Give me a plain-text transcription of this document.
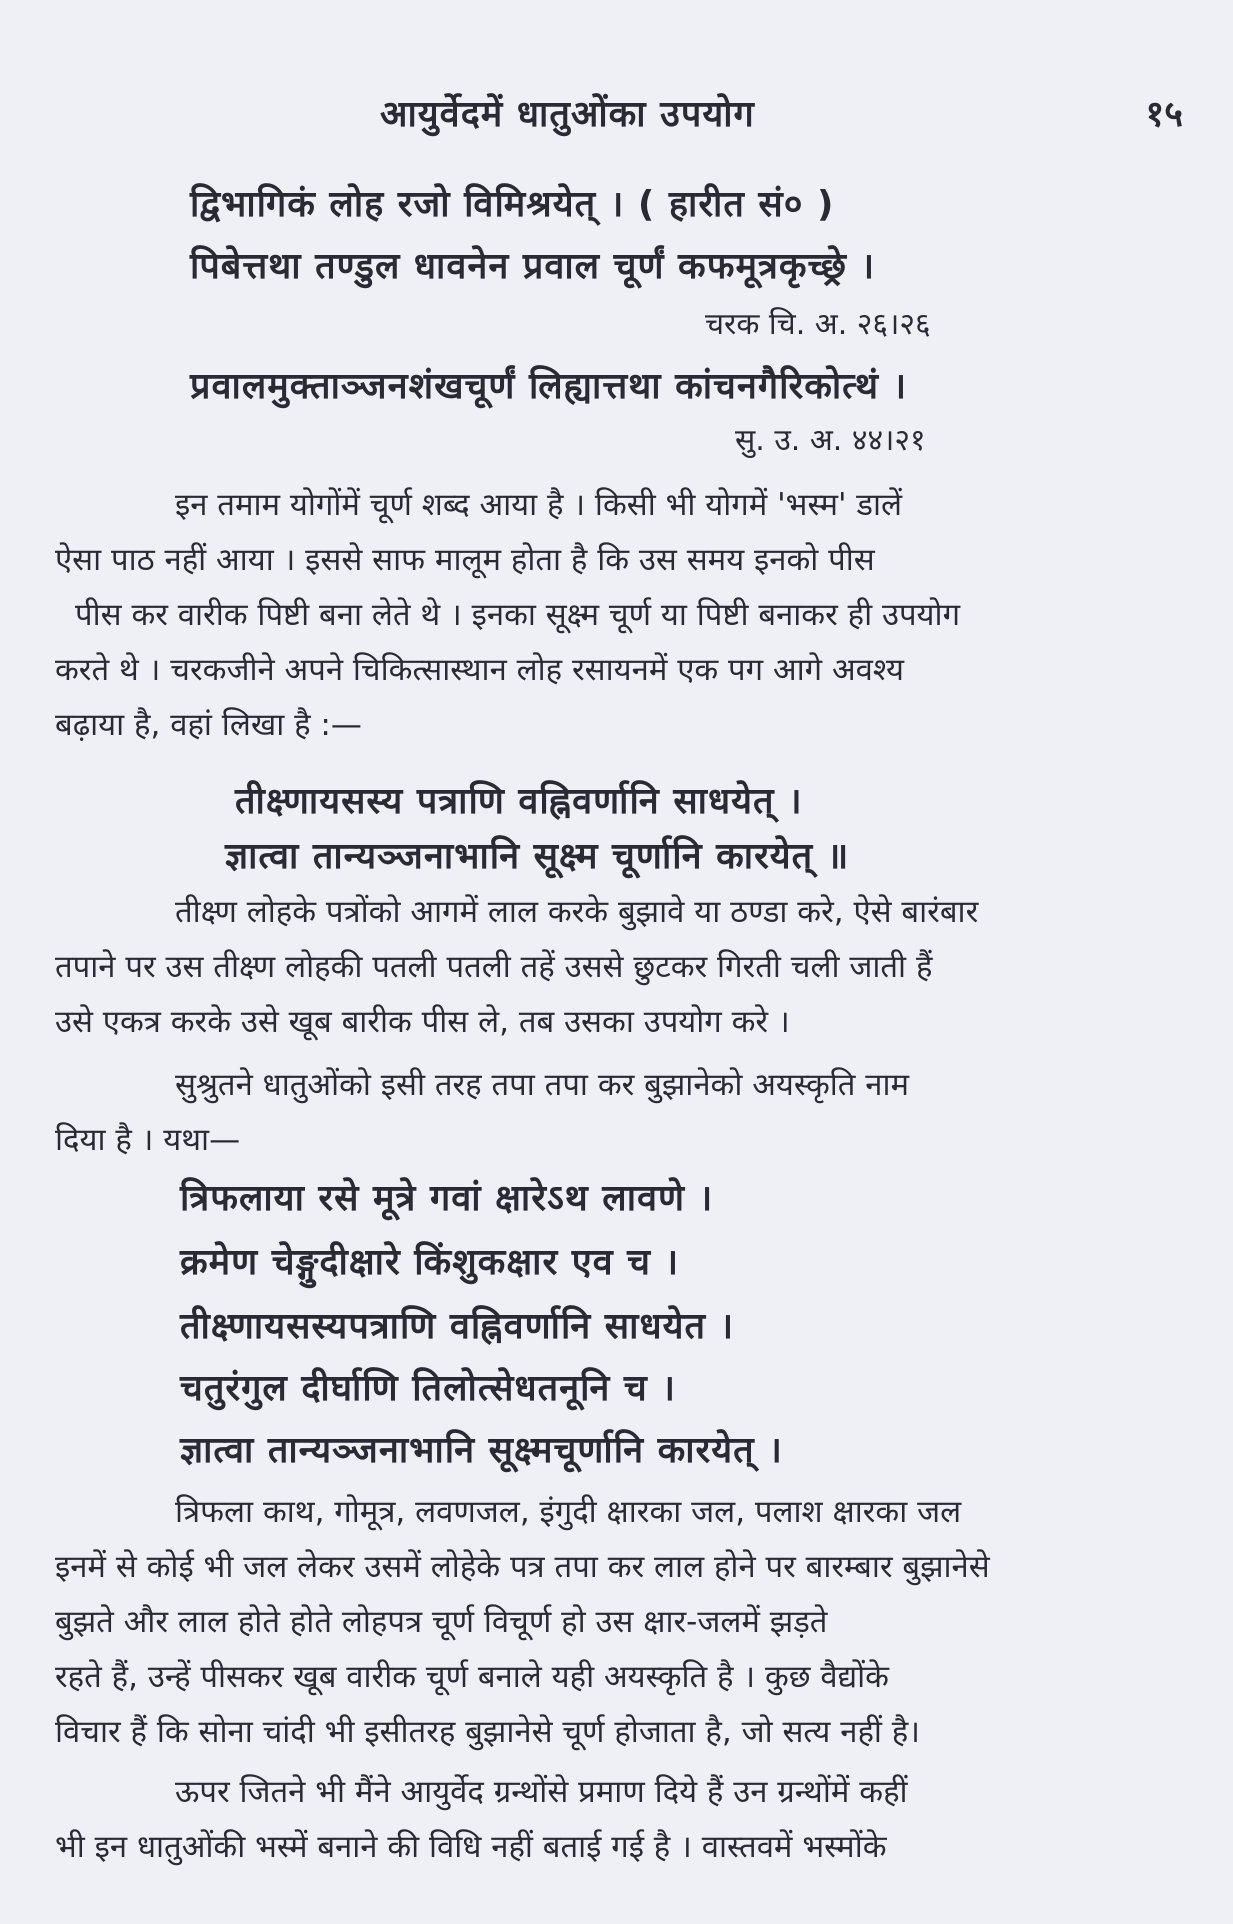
आयुर्वेदमें धातुओंका उपयोग	१५
द्विभागिकं लोह रजो विमिश्रयेत् । ( हारीत सं० )
पिबेत्तथा तण्डुल धावनेन प्रवाल चूर्णं कफमूत्रकृच्छ्रे ।
चरक चि. अ. २६।२६
प्रवालमुक्ताञ्जनशंखचूर्णं लिह्यात्तथा कांचनगैरिकोत्थं ।
सु. उ. अ. ४४।२१
इन तमाम योगोंमें चूर्ण शब्द आया है । किसी भी योगमें 'भस्म' डालें
ऐसा पाठ नहीं आया । इससे साफ मालूम होता है कि उस समय इनको पीस
पीस कर वारीक पिष्टी बना लेते थे । इनका सूक्ष्म चूर्ण या पिष्टी बनाकर ही उपयोग
करते थे । चरकजीने अपने चिकित्सास्थान लोह रसायनमें एक पग आगे अवश्य
बढ़ाया है, वहां लिखा है :—
तीक्ष्णायसस्य पत्राणि वह्निवर्णानि साधयेत् ।
ज्ञात्वा तान्यञ्जनाभानि सूक्ष्म चूर्णानि कारयेत् ॥
तीक्ष्ण लोहके पत्रोंको आगमें लाल करके बुझावे या ठण्डा करे, ऐसे बारंबार
तपाने पर उस तीक्ष्ण लोहकी पतली पतली तहें उससे छुटकर गिरती चली जाती हैं
उसे एकत्र करके उसे खूब बारीक पीस ले, तब उसका उपयोग करे ।
सुश्रुतने धातुओंको इसी तरह तपा तपा कर बुझानेको अयस्कृति नाम
दिया है । यथा—
त्रिफलाया रसे मूत्रे गवां क्षारेऽथ लावणे ।
क्रमेण चेङ्गुदीक्षारे किंशुकक्षार एव च ।
तीक्ष्णायसस्यपत्राणि वह्निवर्णानि साधयेत ।
चतुरंगुल दीर्घाणि तिलोत्सेधतनूनि च ।
ज्ञात्वा तान्यञ्जनाभानि सूक्ष्मचूर्णानि कारयेत् ।
त्रिफला काथ, गोमूत्र, लवणजल, इंगुदी क्षारका जल, पलाश क्षारका जल
इनमें से कोई भी जल लेकर उसमें लोहेके पत्र तपा कर लाल होने पर बारम्बार बुझानेसे
बुझते और लाल होते होते लोहपत्र चूर्ण विचूर्ण हो उस क्षार-जलमें झड़ते
रहते हैं, उन्हें पीसकर खूब वारीक चूर्ण बनाले यही अयस्कृति है । कुछ वैद्योंके
विचार हैं कि सोना चांदी भी इसीतरह बुझानेसे चूर्ण होजाता है, जो सत्य नहीं है।
ऊपर जितने भी मैंने आयुर्वेद ग्रन्थोंसे प्रमाण दिये हैं उन ग्रन्थोंमें कहीं
भी इन धातुओंकी भस्में बनाने की विधि नहीं बताई गई है । वास्तवमें भस्मोंके
